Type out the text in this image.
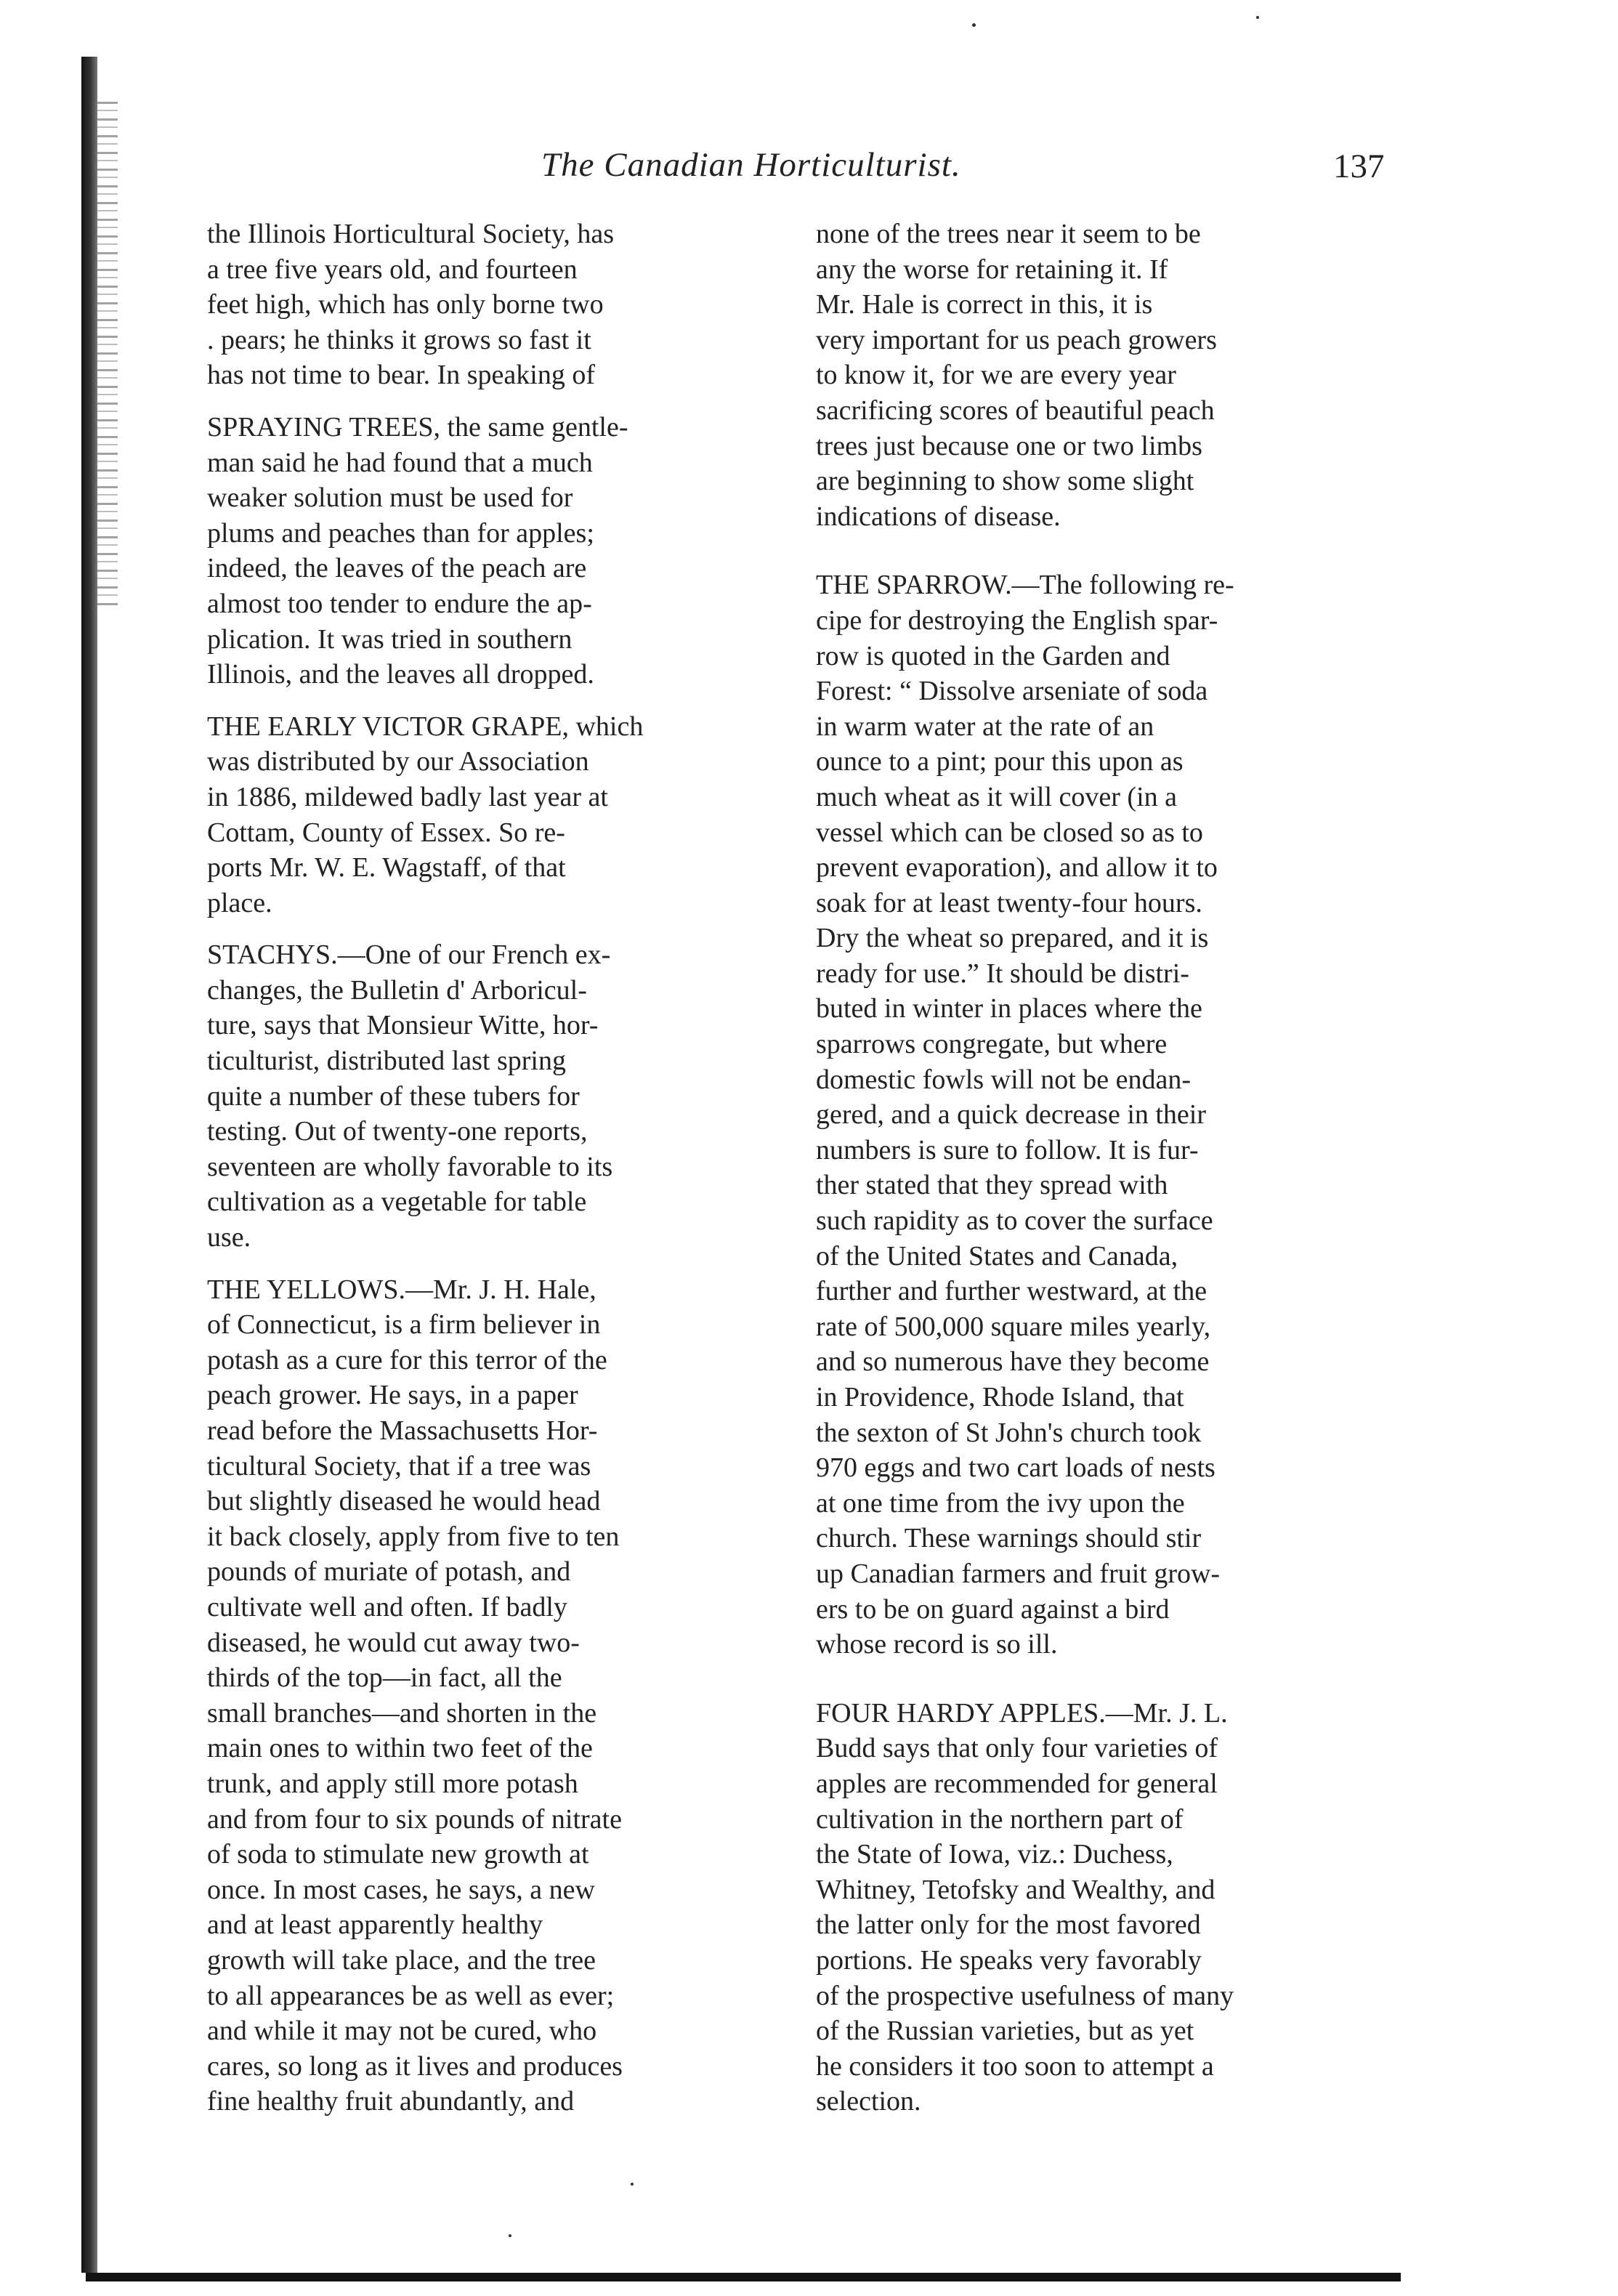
The Canadian Horticulturist.	137
the Illinois Horticultural Society, has
a tree five years old, and fourteen
feet high, which has only borne two
. pears; he thinks it grows so fast it
has not time to bear. In speaking of
SPRAYING TREES, the same gentle-
man said he had found that a much
weaker solution must be used for
plums and peaches than for apples;
indeed, the leaves of the peach are
almost too tender to endure the ap-
plication. It was tried in southern
Illinois, and the leaves all dropped.
THE EARLY VICTOR GRAPE, which
was distributed by our Association
in 1886, mildewed badly last year at
Cottam, County of Essex. So re-
ports Mr. W. E. Wagstaff, of that
place.
STACHYS.—One of our French ex-
changes, the Bulletin d' Arboricul-
ture, says that Monsieur Witte, hor-
ticulturist, distributed last spring
quite a number of these tubers for
testing. Out of twenty-one reports,
seventeen are wholly favorable to its
cultivation as a vegetable for table
use.
THE YELLOWS.—Mr. J. H. Hale,
of Connecticut, is a firm believer in
potash as a cure for this terror of the
peach grower. He says, in a paper
read before the Massachusetts Hor-
ticultural Society, that if a tree was
but slightly diseased he would head
it back closely, apply from five to ten
pounds of muriate of potash, and
cultivate well and often. If badly
diseased, he would cut away two-
thirds of the top—in fact, all the
small branches—and shorten in the
main ones to within two feet of the
trunk, and apply still more potash
and from four to six pounds of nitrate
of soda to stimulate new growth at
once. In most cases, he says, a new
and at least apparently healthy
growth will take place, and the tree
to all appearances be as well as ever;
and while it may not be cured, who
cares, so long as it lives and produces
fine healthy fruit abundantly, and
none of the trees near it seem to be
any the worse for retaining it. If
Mr. Hale is correct in this, it is
very important for us peach growers
to know it, for we are every year
sacrificing scores of beautiful peach
trees just because one or two limbs
are beginning to show some slight
indications of disease.
THE SPARROW.—The following re-
cipe for destroying the English spar-
row is quoted in the Garden and
Forest: “ Dissolve arseniate of soda
in warm water at the rate of an
ounce to a pint; pour this upon as
much wheat as it will cover (in a
vessel which can be closed so as to
prevent evaporation), and allow it to
soak for at least twenty-four hours.
Dry the wheat so prepared, and it is
ready for use.” It should be distri-
buted in winter in places where the
sparrows congregate, but where
domestic fowls will not be endan-
gered, and a quick decrease in their
numbers is sure to follow. It is fur-
ther stated that they spread with
such rapidity as to cover the surface
of the United States and Canada,
further and further westward, at the
rate of 500,000 square miles yearly,
and so numerous have they become
in Providence, Rhode Island, that
the sexton of St John's church took
970 eggs and two cart loads of nests
at one time from the ivy upon the
church. These warnings should stir
up Canadian farmers and fruit grow-
ers to be on guard against a bird
whose record is so ill.
FOUR HARDY APPLES.—Mr. J. L.
Budd says that only four varieties of
apples are recommended for general
cultivation in the northern part of
the State of Iowa, viz.: Duchess,
Whitney, Tetofsky and Wealthy, and
the latter only for the most favored
portions. He speaks very favorably
of the prospective usefulness of many
of the Russian varieties, but as yet
he considers it too soon to attempt a
selection.
